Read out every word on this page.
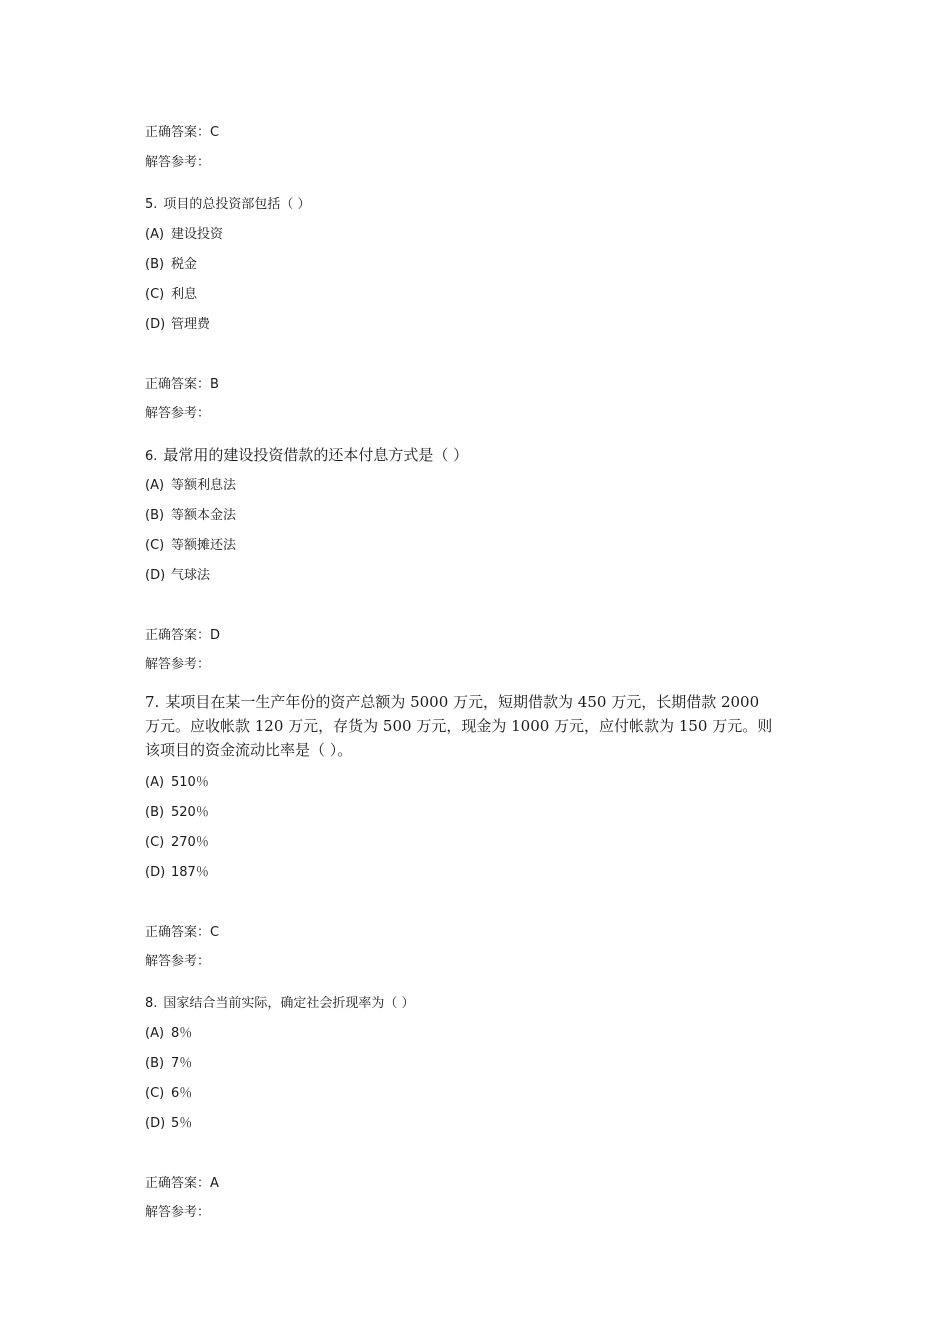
正确答案：C
解答参考：
5. 项目的总投资部包括（ ）
(A) 建设投资
(B) 税金
(C) 利息
(D) 管理费
正确答案：B
解答参考：
6. 最常用的建设投资借款的还本付息方式是（ ）
(A) 等额利息法
(B) 等额本金法
(C) 等额摊还法
(D) 气球法
正确答案：D
解答参考：
7. 某项目在某一生产年份的资产总额为 5000 万元，短期借款为 450 万元，长期借款 2000
万元。应收帐款 120 万元，存货为 500 万元，现金为 1000 万元，应付帐款为 150 万元。则
该项目的资金流动比率是（ ）。
(A) 510％
(B) 520％
(C) 270％
(D) 187％
正确答案：C
解答参考：
8. 国家结合当前实际，确定社会折现率为（ ）
(A) 8％
(B) 7％
(C) 6％
(D) 5％
正确答案：A
解答参考：
